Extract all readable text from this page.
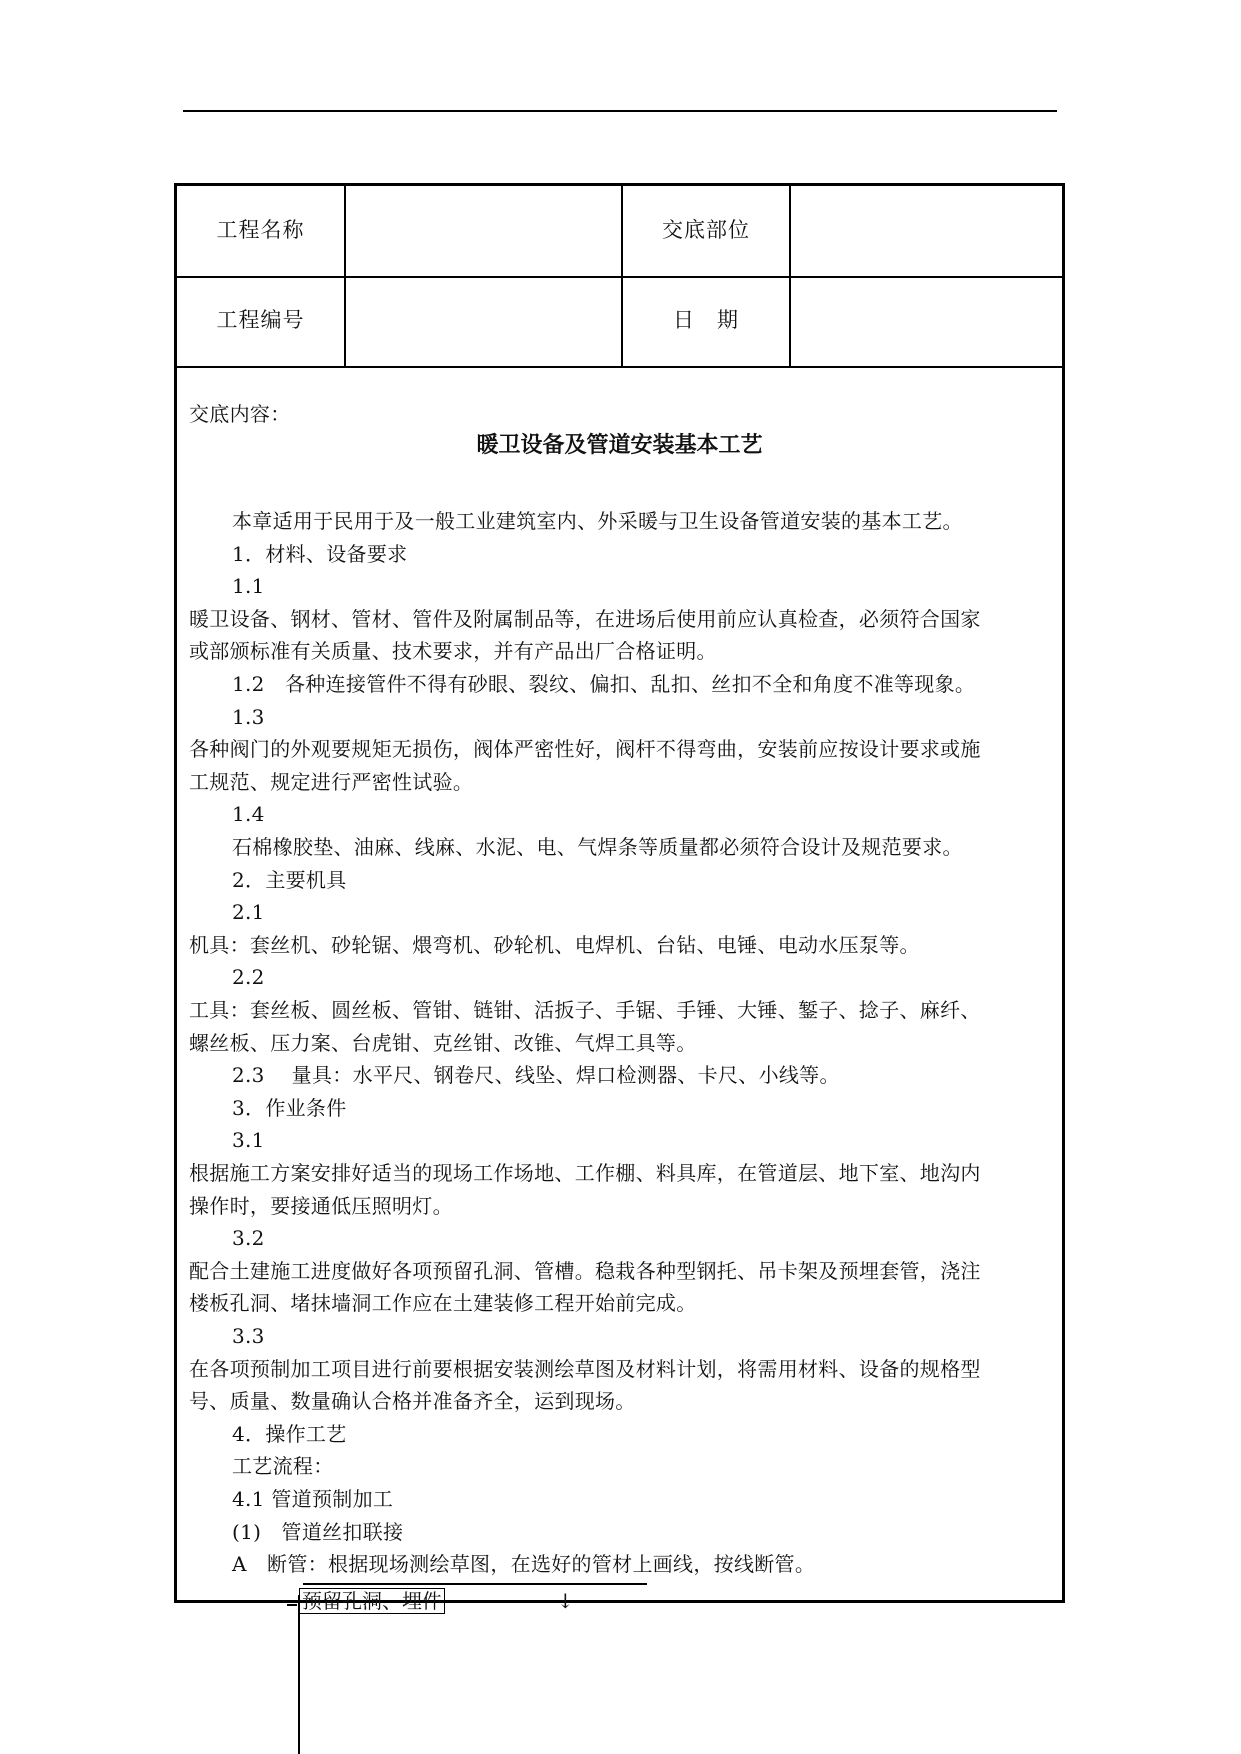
工程名称	交底部位
工程编号	日　期
交底内容：
暖卫设备及管道安装基本工艺
本章适用于民用于及一般工业建筑室内、外采暖与卫生设备管道安装的基本工艺。
1．材料、设备要求
1.1
暖卫设备、钢材、管材、管件及附属制品等，在进场后使用前应认真检查，必须符合国家
或部颁标准有关质量、技术要求，并有产品出厂合格证明。
1.2　各种连接管件不得有砂眼、裂纹、偏扣、乱扣、丝扣不全和角度不准等现象。
1.3
各种阀门的外观要规矩无损伤，阀体严密性好，阀杆不得弯曲，安装前应按设计要求或施
工规范、规定进行严密性试验。
1.4
石棉橡胶垫、油麻、线麻、水泥、电、气焊条等质量都必须符合设计及规范要求。
2．主要机具
2.1
机具：套丝机、砂轮锯、煨弯机、砂轮机、电焊机、台钻、电锤、电动水压泵等。
2.2
工具：套丝板、圆丝板、管钳、链钳、活扳子、手锯、手锤、大锤、錾子、捻子、麻纤、
螺丝板、压力案、台虎钳、克丝钳、改锥、气焊工具等。
2.3　 量具：水平尺、钢卷尺、线坠、焊口检测器、卡尺、小线等。
3．作业条件
3.1
根据施工方案安排好适当的现场工作场地、工作棚、料具库，在管道层、地下室、地沟内
操作时，要接通低压照明灯。
3.2
配合土建施工进度做好各项预留孔洞、管槽。稳栽各种型钢托、吊卡架及预埋套管，浇注
楼板孔洞、堵抹墙洞工作应在土建装修工程开始前完成。
3.3
在各项预制加工项目进行前要根据安装测绘草图及材料计划，将需用材料、设备的规格型
号、质量、数量确认合格并准备齐全，运到现场。
4．操作工艺
工艺流程：
4.1 管道预制加工
(1)　管道丝扣联接
A　断管：根据现场测绘草图，在选好的管材上画线，按线断管。
预留孔洞、埋件	↓
